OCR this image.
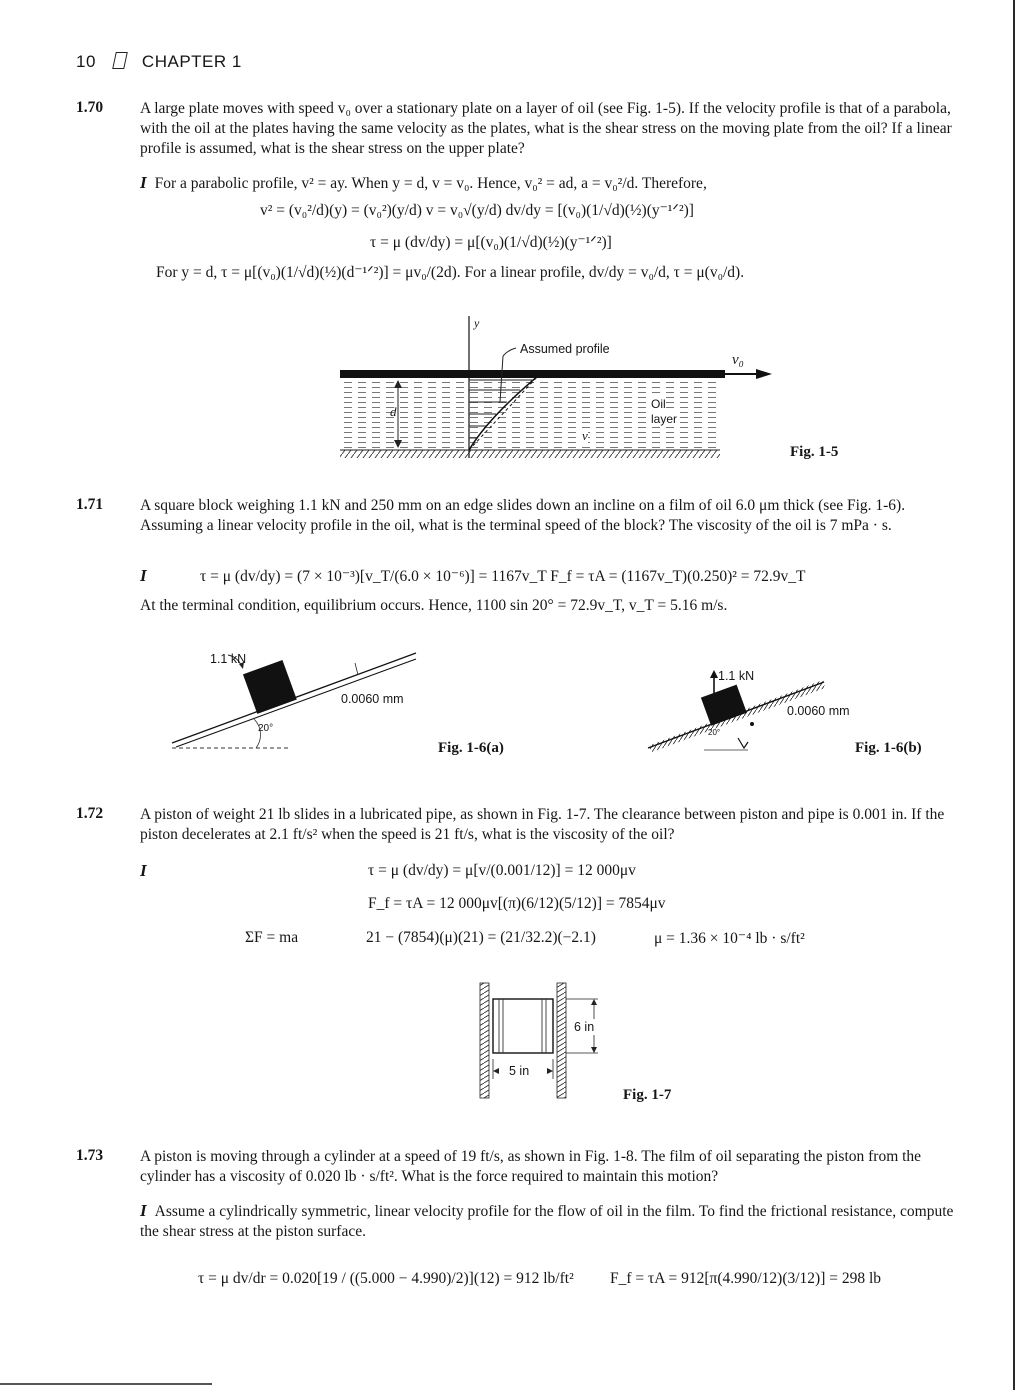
10	CHAPTER 1
1.70 A large plate moves with speed v₀ over a stationary plate on a layer of oil (see Fig. 1-5). If the velocity profile is that of a parabola, with the oil at the plates having the same velocity as the plates, what is the shear stress on the moving plate from the oil? If a linear profile is assumed, what is the shear stress on the upper plate?
I For a parabolic profile, v² = ay. When y = d, v = v₀. Hence, v₀² = ad, a = v₀²/d. Therefore,
v² = (v₀²/d)(y) = (v₀²)(y/d) v = v₀√(y/d) dv/dy = [(v₀)(1/√d)(½)(y⁻¹ᐟ²)]
τ = μ (dv/dy) = μ[(v₀)(1/√d)(½)(y⁻¹ᐟ²)]
For y = d, τ = μ[(v₀)(1/√d)(½)(d⁻¹ᐟ²)] = μv₀/(2d). For a linear profile, dv/dy = v₀/d, τ = μ(v₀/d).
y
Assumed profile
v₀
d	Oil
layer
v
Fig. 1-5
1.71 A square block weighing 1.1 kN and 250 mm on an edge slides down an incline on a film of oil 6.0 μm thick (see Fig. 1-6). Assuming a linear velocity profile in the oil, what is the terminal speed of the block? The viscosity of the oil is 7 mPa · s.
I	τ = μ (dv/dy) = (7 × 10⁻³)[v_T/(6.0 × 10⁻⁶)] = 1167v_T F_f = τA = (1167v_T)(0.250)² = 72.9v_T
At the terminal condition, equilibrium occurs. Hence, 1100 sin 20° = 72.9v_T, v_T = 5.16 m/s.
1.1 kN
0.0060 mm
20°
Fig. 1-6(a)
1.1 kN
0.0060 mm
20°
Fig. 1-6(b)
1.72 A piston of weight 21 lb slides in a lubricated pipe, as shown in Fig. 1-7. The clearance between piston and pipe is 0.001 in. If the piston decelerates at 2.1 ft/s² when the speed is 21 ft/s, what is the viscosity of the oil?
I	τ = μ (dv/dy) = μ[v/(0.001/12)] = 12 000μv
F_f = τA = 12 000μv[(π)(6/12)(5/12)] = 7854μv
ΣF = ma	21 − (7854)(μ)(21) = (21/32.2)(−2.1)	μ = 1.36 × 10⁻⁴ lb · s/ft²
6 in
5 in
Fig. 1-7
1.73 A piston is moving through a cylinder at a speed of 19 ft/s, as shown in Fig. 1-8. The film of oil separating the piston from the cylinder has a viscosity of 0.020 lb · s/ft². What is the force required to maintain this motion?
I Assume a cylindrically symmetric, linear velocity profile for the flow of oil in the film. To find the frictional resistance, compute the shear stress at the piston surface.
τ = μ dv/dr = 0.020[19 / ((5.000 − 4.990)/2)](12) = 912 lb/ft² F_f = τA = 912[π(4.990/12)(3/12)] = 298 lb
